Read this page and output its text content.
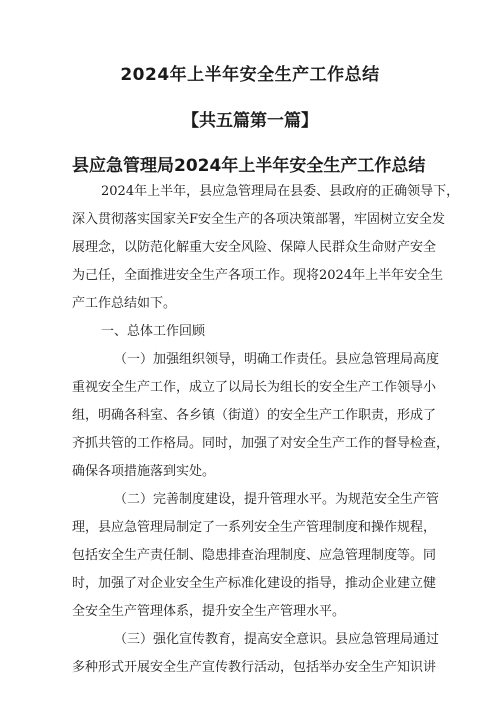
2024年上半年安全生产工作总结
【共五篇第一篇】
县应急管理局2024年上半年安全生产工作总结
2024年上半年，县应急管理局在县委、县政府的正确领导下，
深入贯彻落实国家关F安全生产的各项决策部署，牢固树立安全发
展理念，以防范化解重大安全风险、保障人民群众生命财产安全
为己任，全面推进安全生产各项工作。现将2024年上半年安全生
产工作总结如下。
一、总体工作回顾
（一）加强组织领导，明确工作责任。县应急管理局高度
重视安全生产工作，成立了以局长为组长的安全生产工作领导小
组，明确各科室、各乡镇（街道）的安全生产工作职责，形成了
齐抓共管的工作格局。同时，加强了对安全生产工作的督导检查，
确保各项措施落到实处。
（二）完善制度建设，提升管理水平。为规范安全生产管
理，县应急管理局制定了一系列安全生产管理制度和操作规程，
包括安全生产责任制、隐患排查治理制度、应急管理制度等。同
时，加强了对企业安全生产标准化建设的指导，推动企业建立健
全安全生产管理体系，提升安全生产管理水平。
（三）强化宣传教育，提高安全意识。县应急管理局通过
多种形式开展安全生产宣传教行活动，包括举办安全生产知识讲
